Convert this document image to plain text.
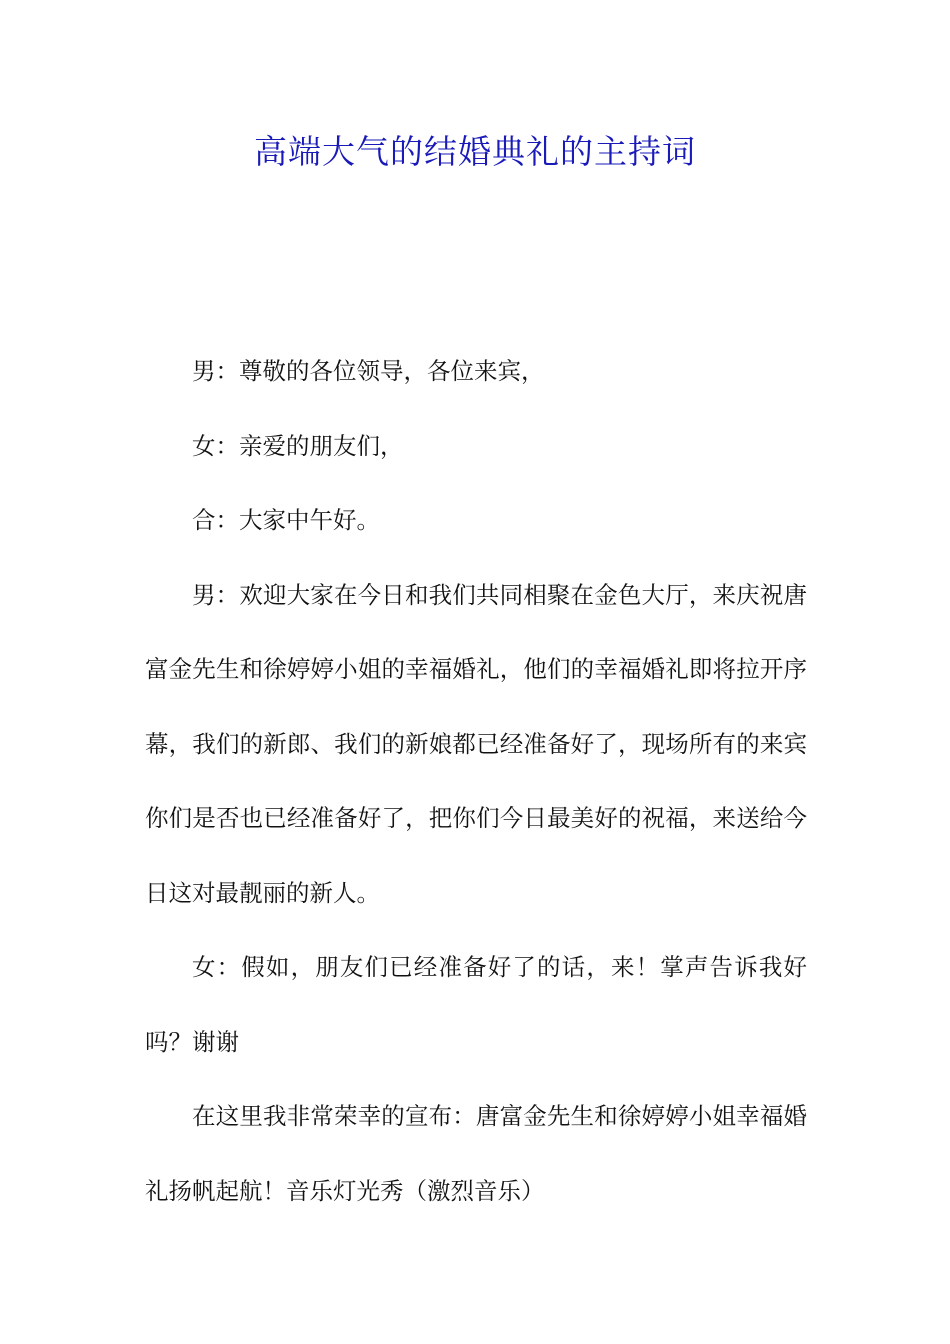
高端大气的结婚典礼的主持词

男：尊敬的各位领导，各位来宾，

女：亲爱的朋友们，

合：大家中午好。

男：欢迎大家在今日和我们共同相聚在金色大厅，来庆祝唐富金先生和徐婷婷小姐的幸福婚礼，他们的幸福婚礼即将拉开序幕，我们的新郎、我们的新娘都已经准备好了，现场所有的来宾你们是否也已经准备好了，把你们今日最美好的祝福，来送给今日这对最靓丽的新人。

女：假如，朋友们已经准备好了的话，来！掌声告诉我好吗？谢谢

在这里我非常荣幸的宣布：唐富金先生和徐婷婷小姐幸福婚礼扬帆起航！音乐灯光秀（激烈音乐）
